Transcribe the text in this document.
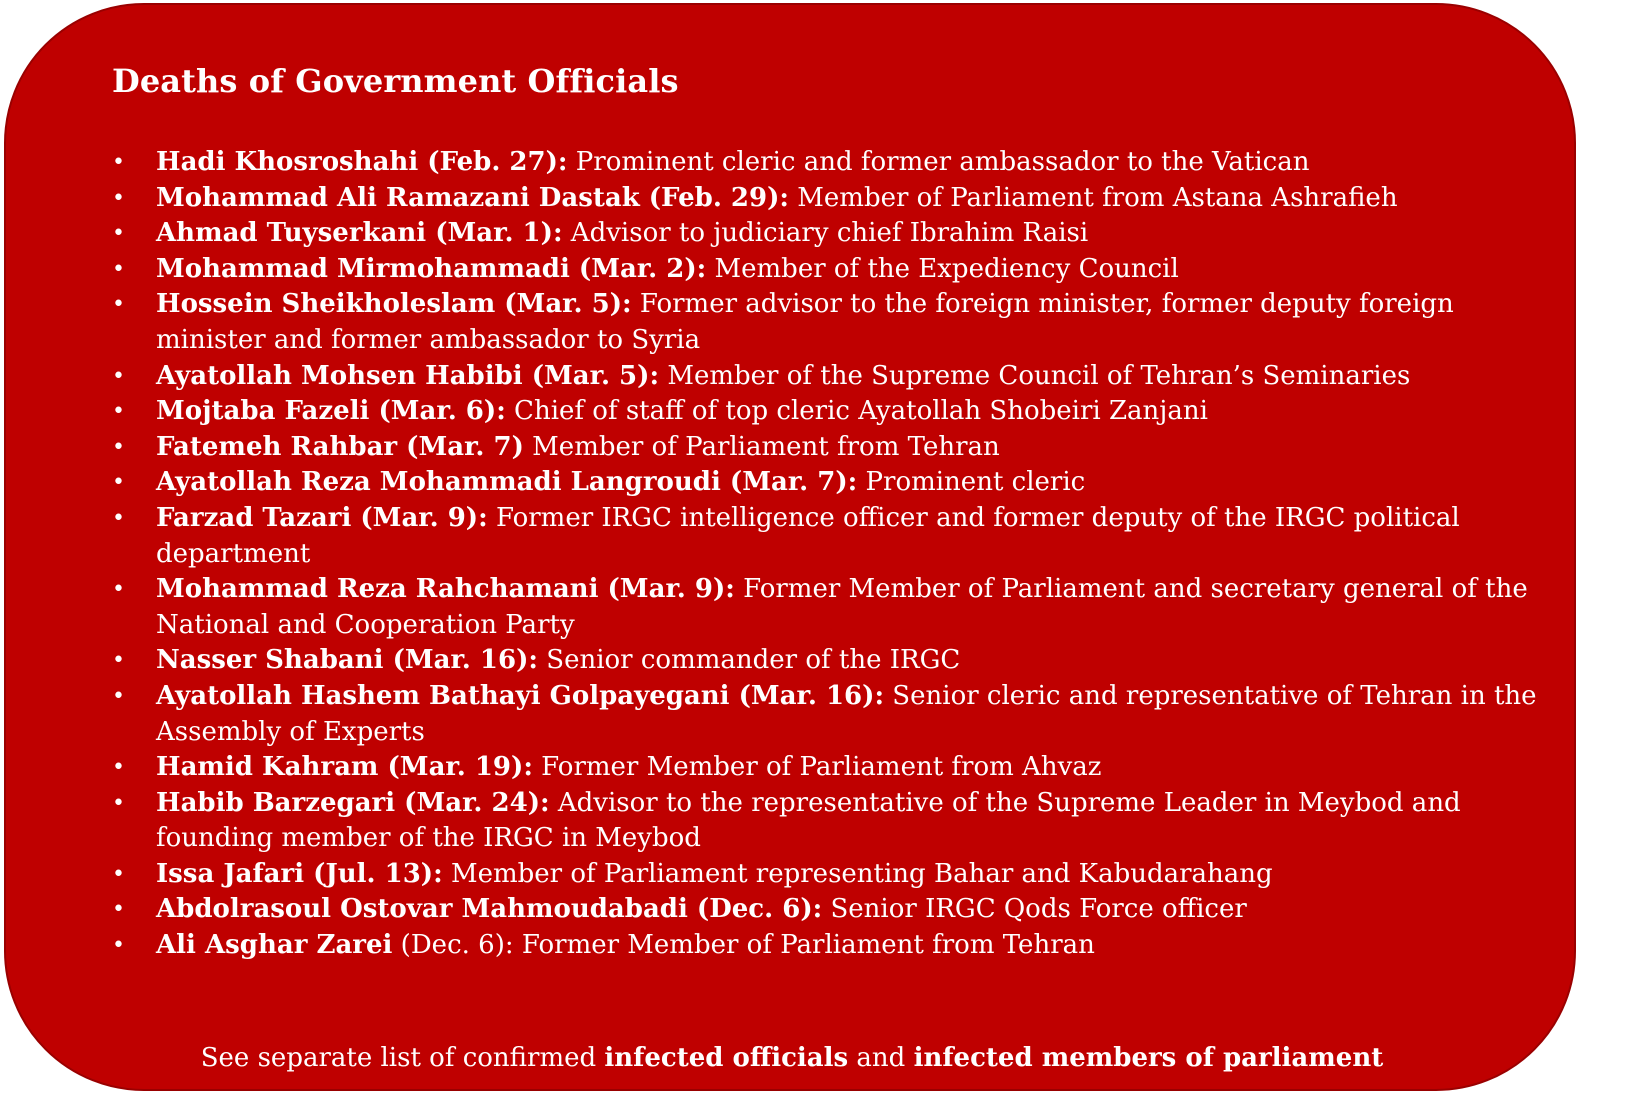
Deaths of Government Officials
• Hadi Khosroshahi (Feb. 27): Prominent cleric and former ambassador to the Vatican
• Mohammad Ali Ramazani Dastak (Feb. 29): Member of Parliament from Astana Ashrafieh
• Ahmad Tuyserkani (Mar. 1): Advisor to judiciary chief Ibrahim Raisi
• Mohammad Mirmohammadi (Mar. 2): Member of the Expediency Council
• Hossein Sheikholeslam (Mar. 5): Former advisor to the foreign minister, former deputy foreign minister and former ambassador to Syria
• Ayatollah Mohsen Habibi (Mar. 5): Member of the Supreme Council of Tehran’s Seminaries
• Mojtaba Fazeli (Mar. 6): Chief of staff of top cleric Ayatollah Shobeiri Zanjani
• Fatemeh Rahbar (Mar. 7) Member of Parliament from Tehran
• Ayatollah Reza Mohammadi Langroudi (Mar. 7): Prominent cleric
• Farzad Tazari (Mar. 9): Former IRGC intelligence officer and former deputy of the IRGC political department
• Mohammad Reza Rahchamani (Mar. 9): Former Member of Parliament and secretary general of the National and Cooperation Party
• Nasser Shabani (Mar. 16): Senior commander of the IRGC
• Ayatollah Hashem Bathayi Golpayegani (Mar. 16): Senior cleric and representative of Tehran in the Assembly of Experts
• Hamid Kahram (Mar. 19): Former Member of Parliament from Ahvaz
• Habib Barzegari (Mar. 24): Advisor to the representative of the Supreme Leader in Meybod and founding member of the IRGC in Meybod
• Issa Jafari (Jul. 13): Member of Parliament representing Bahar and Kabudarahang
• Abdolrasoul Ostovar Mahmoudabadi (Dec. 6): Senior IRGC Qods Force officer
• Ali Asghar Zarei (Dec. 6): Former Member of Parliament from Tehran
See separate list of confirmed infected officials and infected members of parliament
